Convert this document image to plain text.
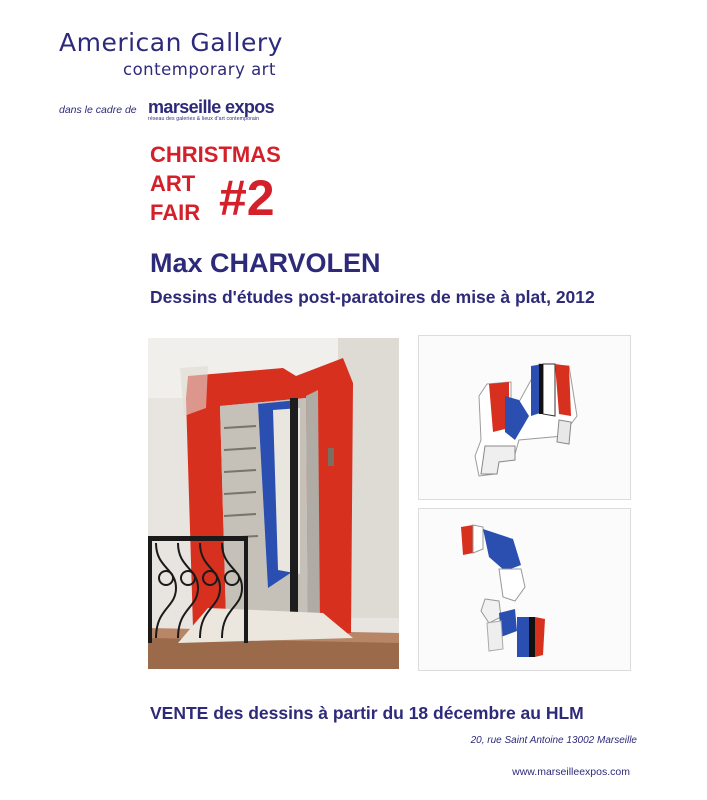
American Gallery
contemporary art
dans le cadre de marseille expos
réseau des galeries & lieux d'art contemporain
CHRISTMAS
ART
FAIR #2
Max CHARVOLEN
Dessins d'études post-paratoires de mise à plat, 2012
VENTE des dessins à partir du 18 décembre au HLM
20, rue Saint Antoine 13002 Marseille
www.marseilleexpos.com
